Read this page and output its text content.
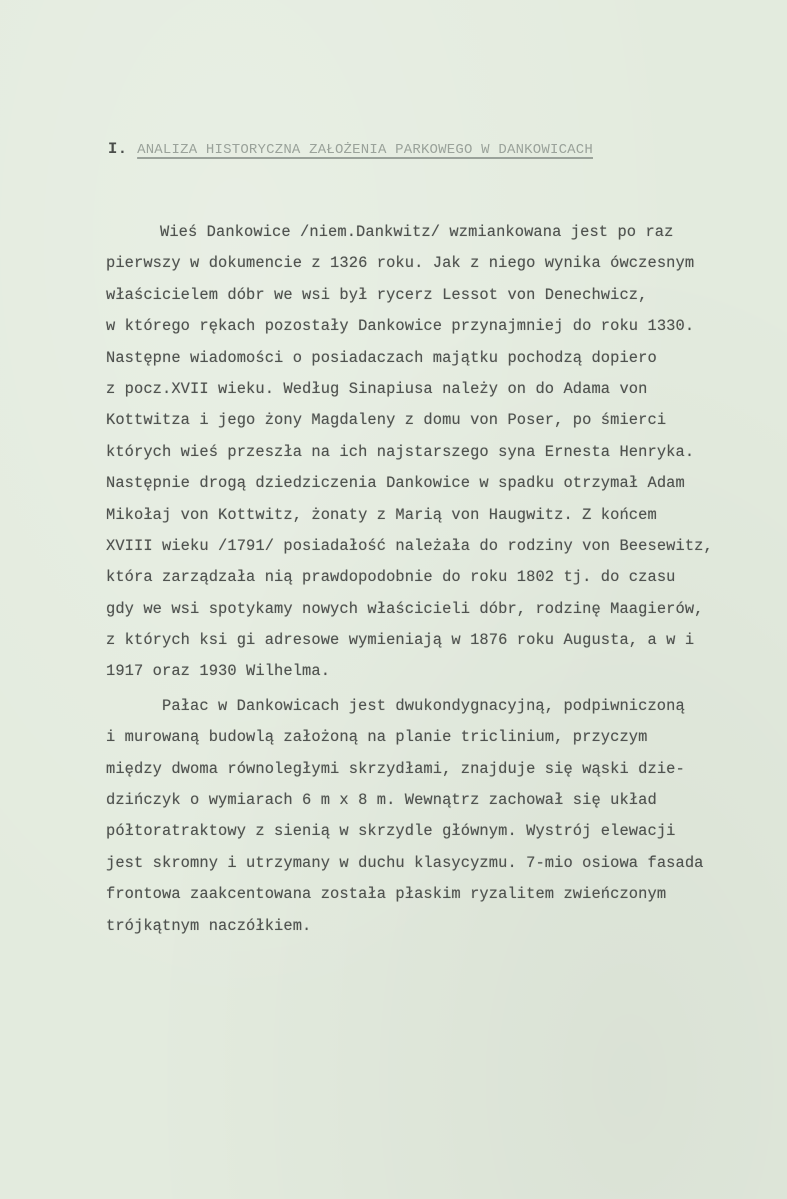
I. ANALIZA HISTORYCZNA ZAŁOŻENIA PARKOWEGO W DANKOWICACH
Wieś Dankowice /niem.Dankwitz/ wzmiankowana jest po raz
pierwszy w dokumencie z 1326 roku. Jak z niego wynika ówczesnym
właścicielem dóbr we wsi był rycerz Lessot von Denechwicz,
w którego rękach pozostały Dankowice przynajmniej do roku 1330.
Następne wiadomości o posiadaczach majątku pochodzą dopiero
z pocz.XVII wieku. Według Sinapiusa należy on do Adama von
Kottwitza i jego żony Magdaleny z domu von Poser, po śmierci
których wieś przeszła na ich najstarszego syna Ernesta Henryka.
Następnie drogą dziedziczenia Dankowice w spadku otrzymał Adam
Mikołaj von Kottwitz, żonaty z Marią von Haugwitz. Z końcem
XVIII wieku /1791/ posiadałość należała do rodziny von Beesewitz,
która zarządzała nią prawdopodobnie do roku 1802 tj. do czasu
gdy we wsi spotykamy nowych właścicieli dóbr, rodzinę Maagierów,
z których ksi gi adresowe wymieniają w 1876 roku Augusta, a w i
1917 oraz 1930 Wilhelma.
Pałac w Dankowicach jest dwukondygnacyjną, podpiwniczoną
i murowaną budowlą założoną na planie triclinium, przyczym
między dwoma równoległymi skrzydłami, znajduje się wąski dzie-
dzińczyk o wymiarach 6 m x 8 m. Wewnątrz zachował się układ
półtoratraktowy z sienią w skrzydle głównym. Wystrój elewacji
jest skromny i utrzymany w duchu klasycyzmu. 7-mio osiowa fasada
frontowa zaakcentowana została płaskim ryzalitem zwieńczonym
trójkątnym naczółkiem.
